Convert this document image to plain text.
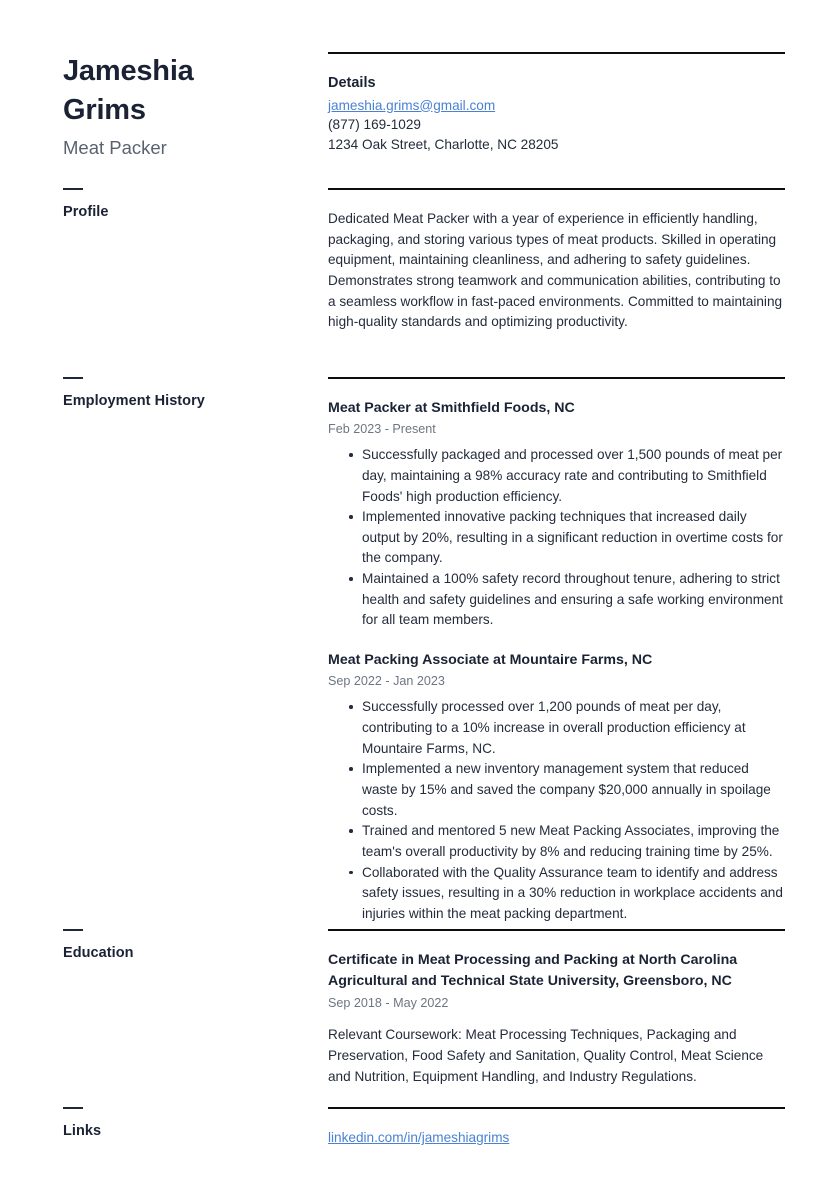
Jameshia
Grims
Meat Packer
Details
jameshia.grims@gmail.com
(877) 169-1029
1234 Oak Street, Charlotte, NC 28205
Profile	Dedicated Meat Packer with a year of experience in efficiently handling, packaging, and storing various types of meat products. Skilled in operating equipment, maintaining cleanliness, and adhering to safety guidelines. Demonstrates strong teamwork and communication abilities, contributing to a seamless workflow in fast-paced environments. Committed to maintaining high-quality standards and optimizing productivity.

Employment History	Meat Packer at Smithfield Foods, NC
Feb 2023 - Present
Successfully packaged and processed over 1,500 pounds of meat per day, maintaining a 98% accuracy rate and contributing to Smithfield Foods' high production efficiency.
Implemented innovative packing techniques that increased daily output by 20%, resulting in a significant reduction in overtime costs for the company.
Maintained a 100% safety record throughout tenure, adhering to strict health and safety guidelines and ensuring a safe working environment for all team members.
Meat Packing Associate at Mountaire Farms, NC
Sep 2022 - Jan 2023
Successfully processed over 1,200 pounds of meat per day, contributing to a 10% increase in overall production efficiency at Mountaire Farms, NC.
Implemented a new inventory management system that reduced waste by 15% and saved the company $20,000 annually in spoilage costs.
Trained and mentored 5 new Meat Packing Associates, improving the team's overall productivity by 8% and reducing training time by 25%.
Collaborated with the Quality Assurance team to identify and address safety issues, resulting in a 30% reduction in workplace accidents and injuries within the meat packing department.
Education	Certificate in Meat Processing and Packing at North Carolina Agricultural and Technical State University, Greensboro, NC
Sep 2018 - May 2022

Relevant Coursework: Meat Processing Techniques, Packaging and Preservation, Food Safety and Sanitation, Quality Control, Meat Science and Nutrition, Equipment Handling, and Industry Regulations.

Links	linkedin.com/in/jameshiagrims
